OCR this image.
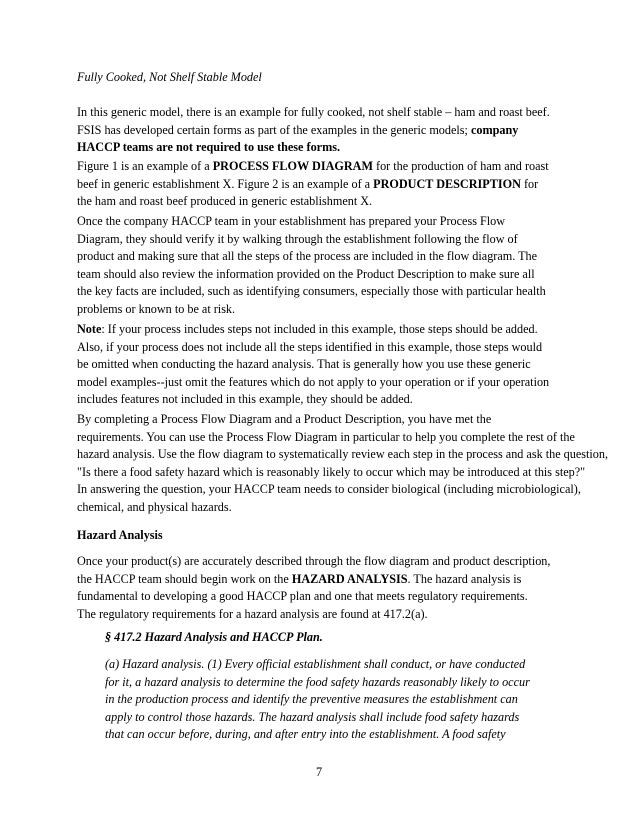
Fully Cooked, Not Shelf Stable Model
In this generic model, there is an example for fully cooked, not shelf stable – ham and roast beef.
FSIS has developed certain forms as part of the examples in the generic models; company
HACCP teams are not required to use these forms.
Figure 1 is an example of a PROCESS FLOW DIAGRAM for the production of ham and roast
beef in generic establishment X. Figure 2 is an example of a PRODUCT DESCRIPTION for
the ham and roast beef produced in generic establishment X.
Once the company HACCP team in your establishment has prepared your Process Flow
Diagram, they should verify it by walking through the establishment following the flow of
product and making sure that all the steps of the process are included in the flow diagram. The
team should also review the information provided on the Product Description to make sure all
the key facts are included, such as identifying consumers, especially those with particular health
problems or known to be at risk.
Note: If your process includes steps not included in this example, those steps should be added.
Also, if your process does not include all the steps identified in this example, those steps would
be omitted when conducting the hazard analysis. That is generally how you use these generic
model examples--just omit the features which do not apply to your operation or if your operation
includes features not included in this example, they should be added.
By completing a Process Flow Diagram and a Product Description, you have met the
requirements. You can use the Process Flow Diagram in particular to help you complete the rest of the
hazard analysis. Use the flow diagram to systematically review each step in the process and ask the question,
"Is there a food safety hazard which is reasonably likely to occur which may be introduced at this step?"
In answering the question, your HACCP team needs to consider biological (including microbiological),
chemical, and physical hazards.
Hazard Analysis
Once your product(s) are accurately described through the flow diagram and product description,
the HACCP team should begin work on the HAZARD ANALYSIS. The hazard analysis is
fundamental to developing a good HACCP plan and one that meets regulatory requirements.
The regulatory requirements for a hazard analysis are found at 417.2(a).
§ 417.2 Hazard Analysis and HACCP Plan.
(a) Hazard analysis. (1) Every official establishment shall conduct, or have conducted
for it, a hazard analysis to determine the food safety hazards reasonably likely to occur
in the production process and identify the preventive measures the establishment can
apply to control those hazards. The hazard analysis shall include food safety hazards
that can occur before, during, and after entry into the establishment. A food safety
7
